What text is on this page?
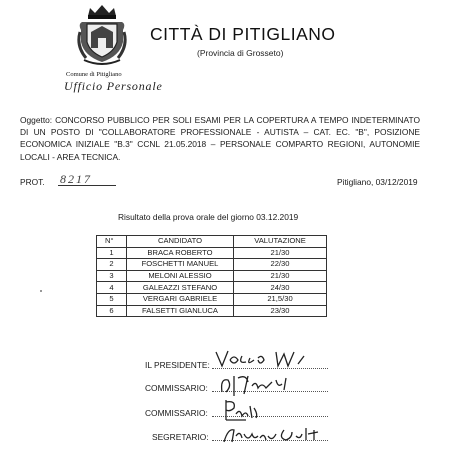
CITTÀ DI PITIGLIANO
(Provincia di Grosseto)
Comune di Pitigliano
Ufficio Personale
Oggetto: CONCORSO PUBBLICO PER SOLI ESAMI PER LA COPERTURA A TEMPO INDETERMINATO DI UN POSTO DI "COLLABORATORE PROFESSIONALE - AUTISTA – CAT. EC. "B", POSIZIONE ECONOMICA INIZIALE "B.3" CCNL 21.05.2018 – PERSONALE COMPARTO REGIONI, AUTONOMIE LOCALI - AREA TECNICA.
PROT. 8217	Pitigliano, 03/12/2019
Risultato della prova orale del giorno 03.12.2019
N°	CANDIDATO	VALUTAZIONE
1	BRACA ROBERTO	21/30
2	FOSCHETTI MANUEL	22/30
3	MELONI ALESSIO	21/30
4	GALEAZZI STEFANO	24/30
5	VERGARI GABRIELE	21,5/30
6	FALSETTI GIANLUCA	23/30
IL PRESIDENTE:
COMMISSARIO:
COMMISSARIO:
SEGRETARIO:
